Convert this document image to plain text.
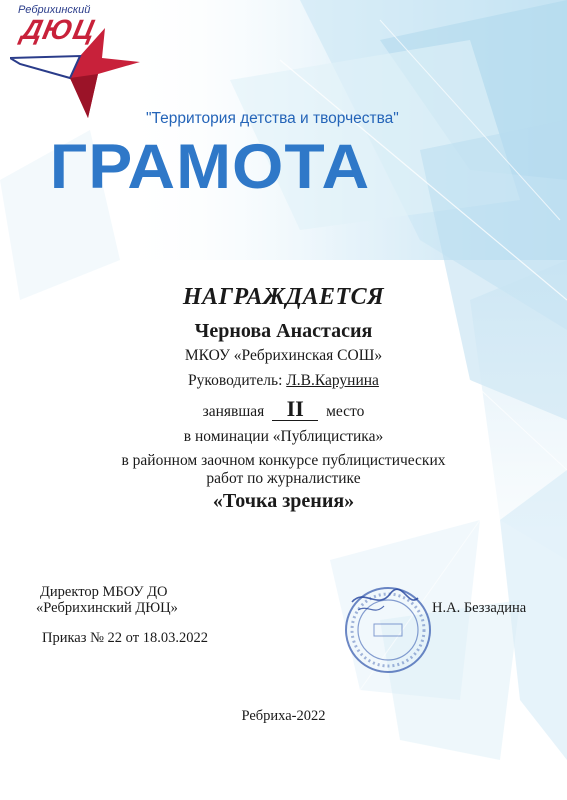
Ребрихинский
ДЮЦ
"Территория детства и творчества"
ГРАМОТА
НАГРАЖДАЕТСЯ
Чернова Анастасия
МКОУ «Ребрихинская СОШ»
Руководитель: Л.В.Карунина
занявшая II место
в номинации «Публицистика»
в районном заочном конкурсе публицистических
работ по журналистике
«Точка зрения»
Директор МБОУ ДО
«Ребрихинский ДЮЦ»	Н.А. Беззадина
Приказ № 22 от 18.03.2022
Ребриха-2022
